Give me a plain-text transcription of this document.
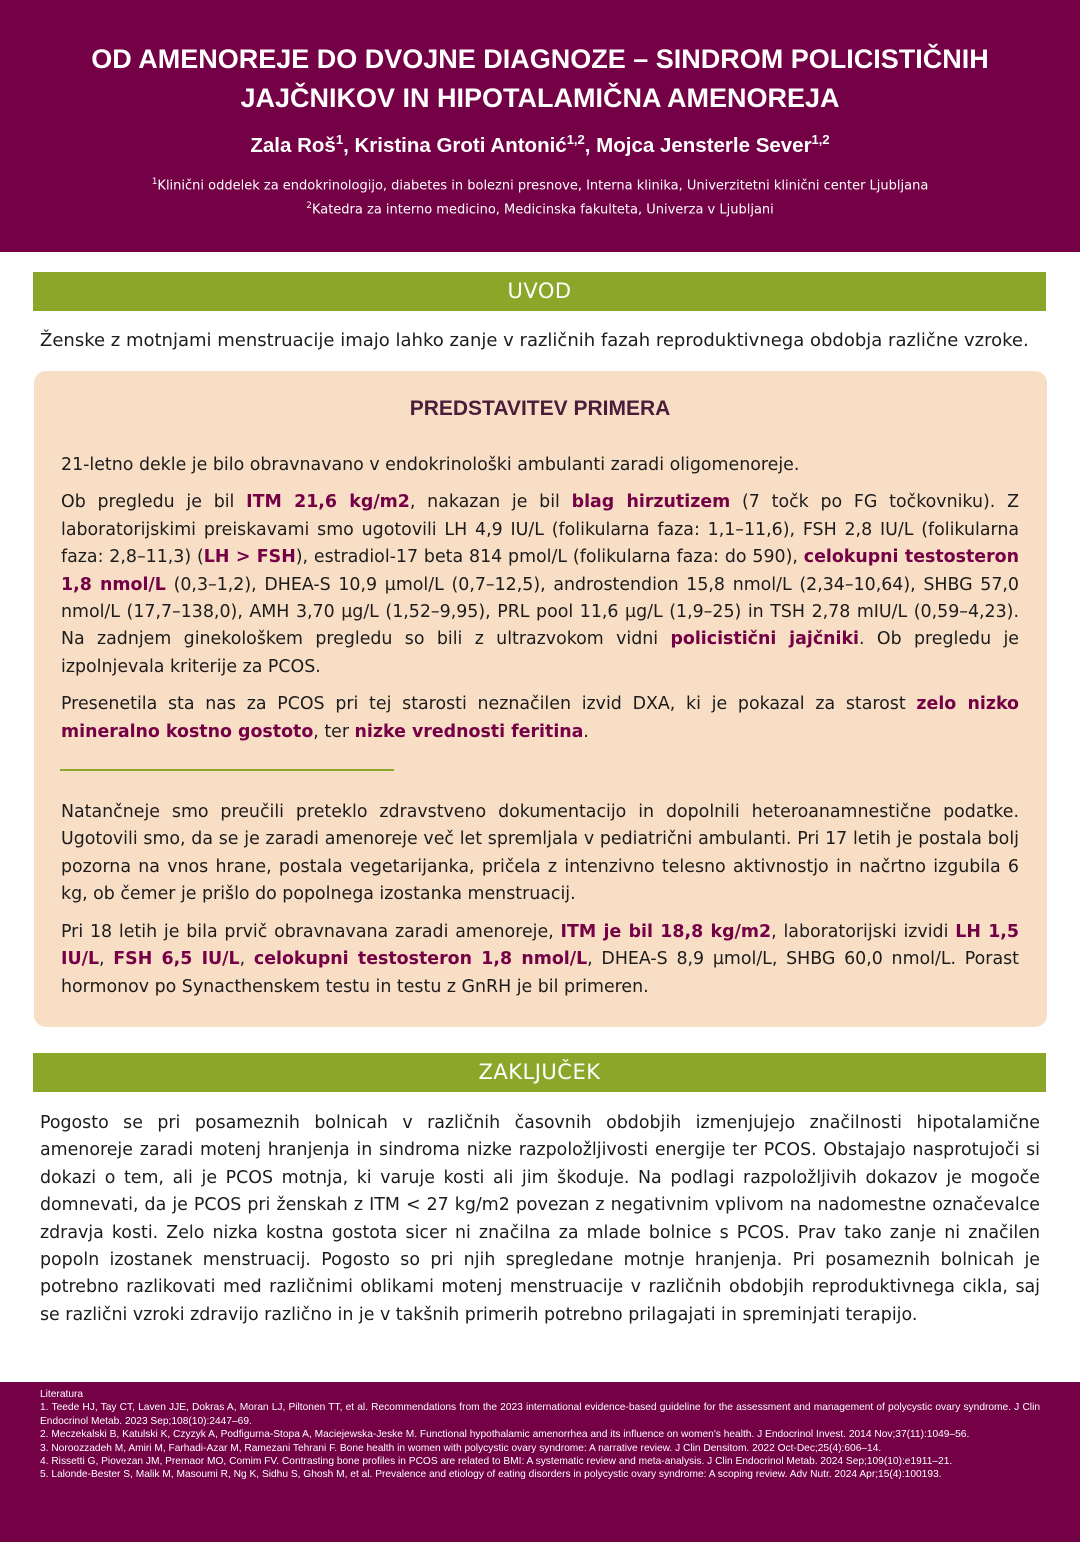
OD AMENOREJE DO DVOJNE DIAGNOZE – SINDROM POLICISTIČNIH
JAJČNIKOV IN HIPOTALAMIČNA AMENOREJA
Zala Roš$^1$, Kristina Groti Antonić$^{1,2}$, Mojca Jensterle Sever$^{1,2}$
$^1$Klinični oddelek za endokrinologijo, diabetes in bolezni presnove, Interna klinika, Univerzitetni klinični center Ljubljana
$^2$Katedra za interno medicino, Medicinska fakulteta, Univerza v Ljubljani
UVOD
Ženske z motnjami menstruacije imajo lahko zanje v različnih fazah reproduktivnega obdobja različne vzroke.
PREDSTAVITEV PRIMERA

21-letno dekle je bilo obravnavano v endokrinološki ambulanti zaradi oligomenoreje.

Ob pregledu je bil ITM 21,6 kg/m2, nakazan je bil blag hirzutizem (7 točk po FG točkovniku). Z laboratorijskimi preiskavami smo ugotovili LH 4,9 IU/L (folikularna faza: 1,1–11,6), FSH 2,8 IU/L (folikularna faza: 2,8–11,3) (LH > FSH), estradiol-17 beta 814 pmol/L (folikularna faza: do 590), celokupni testosteron 1,8 nmol/L (0,3–1,2), DHEA-S 10,9 µmol/L (0,7–12,5), androstendion 15,8 nmol/L (2,34–10,64), SHBG 57,0 nmol/L (17,7–138,0), AMH 3,70 µg/L (1,52–9,95), PRL pool 11,6 µg/L (1,9–25) in TSH 2,78 mIU/L (0,59–4,23). Na zadnjem ginekološkem pregledu so bili z ultrazvokom vidni policistični jajčniki. Ob pregledu je izpolnjevala kriterije za PCOS.

Presenetila sta nas za PCOS pri tej starosti neznačilen izvid DXA, ki je pokazal za starost zelo nizko mineralno kostno gostoto, ter nizke vrednosti feritina.

Natančneje smo preučili preteklo zdravstveno dokumentacijo in dopolnili heteroanamnestične podatke. Ugotovili smo, da se je zaradi amenoreje več let spremljala v pediatrični ambulanti. Pri 17 letih je postala bolj pozorna na vnos hrane, postala vegetarijanka, pričela z intenzivno telesno aktivnostjo in načrtno izgubila 6 kg, ob čemer je prišlo do popolnega izostanka menstruacij.

Pri 18 letih je bila prvič obravnavana zaradi amenoreje, ITM je bil 18,8 kg/m2, laboratorijski izvidi LH 1,5 IU/L, FSH 6,5 IU/L, celokupni testosteron 1,8 nmol/L, DHEA-S 8,9 µmol/L, SHBG 60,0 nmol/L. Porast hormonov po Synacthenskem testu in testu z GnRH je bil primeren.

ZAKLJUČEK

Pogosto se pri posameznih bolnicah v različnih časovnih obdobjih izmenjujejo značilnosti hipotalamične amenoreje zaradi motenj hranjenja in sindroma nizke razpoložljivosti energije ter PCOS. Obstajajo nasprotujoči si dokazi o tem, ali je PCOS motnja, ki varuje kosti ali jim škoduje. Na podlagi razpoložljivih dokazov je mogoče domnevati, da je PCOS pri ženskah z ITM < 27 kg/m2 povezan z negativnim vplivom na nadomestne označevalce zdravja kosti. Zelo nizka kostna gostota sicer ni značilna za mlade bolnice s PCOS. Prav tako zanje ni značilen popoln izostanek menstruacij. Pogosto so pri njih spregledane motnje hranjenja. Pri posameznih bolnicah je potrebno razlikovati med različnimi oblikami motenj menstruacije v različnih obdobjih reproduktivnega cikla, saj se različni vzroki zdravijo različno in je v takšnih primerih potrebno prilagajati in spreminjati terapijo.

Literatura
1. Teede HJ, Tay CT, Laven JJE, Dokras A, Moran LJ, Piltonen TT, et al. Recommendations from the 2023 international evidence-based guideline for the assessment and management of polycystic ovary syndrome. J Clin Endocrinol Metab. 2023 Sep;108(10):2447–69.
2. Meczekalski B, Katulski K, Czyzyk A, Podfigurna-Stopa A, Maciejewska-Jeske M. Functional hypothalamic amenorrhea and its influence on women's health. J Endocrinol Invest. 2014 Nov;37(11):1049–56.
3. Noroozzadeh M, Amiri M, Farhadi-Azar M, Ramezani Tehrani F. Bone health in women with polycystic ovary syndrome: A narrative review. J Clin Densitom. 2022 Oct-Dec;25(4):606–14.
4. Rissetti G, Piovezan JM, Premaor MO, Comim FV. Contrasting bone profiles in PCOS are related to BMI: A systematic review and meta-analysis. J Clin Endocrinol Metab. 2024 Sep;109(10):e1911–21.
5. Lalonde-Bester S, Malik M, Masoumi R, Ng K, Sidhu S, Ghosh M, et al. Prevalence and etiology of eating disorders in polycystic ovary syndrome: A scoping review. Adv Nutr. 2024 Apr;15(4):100193.
